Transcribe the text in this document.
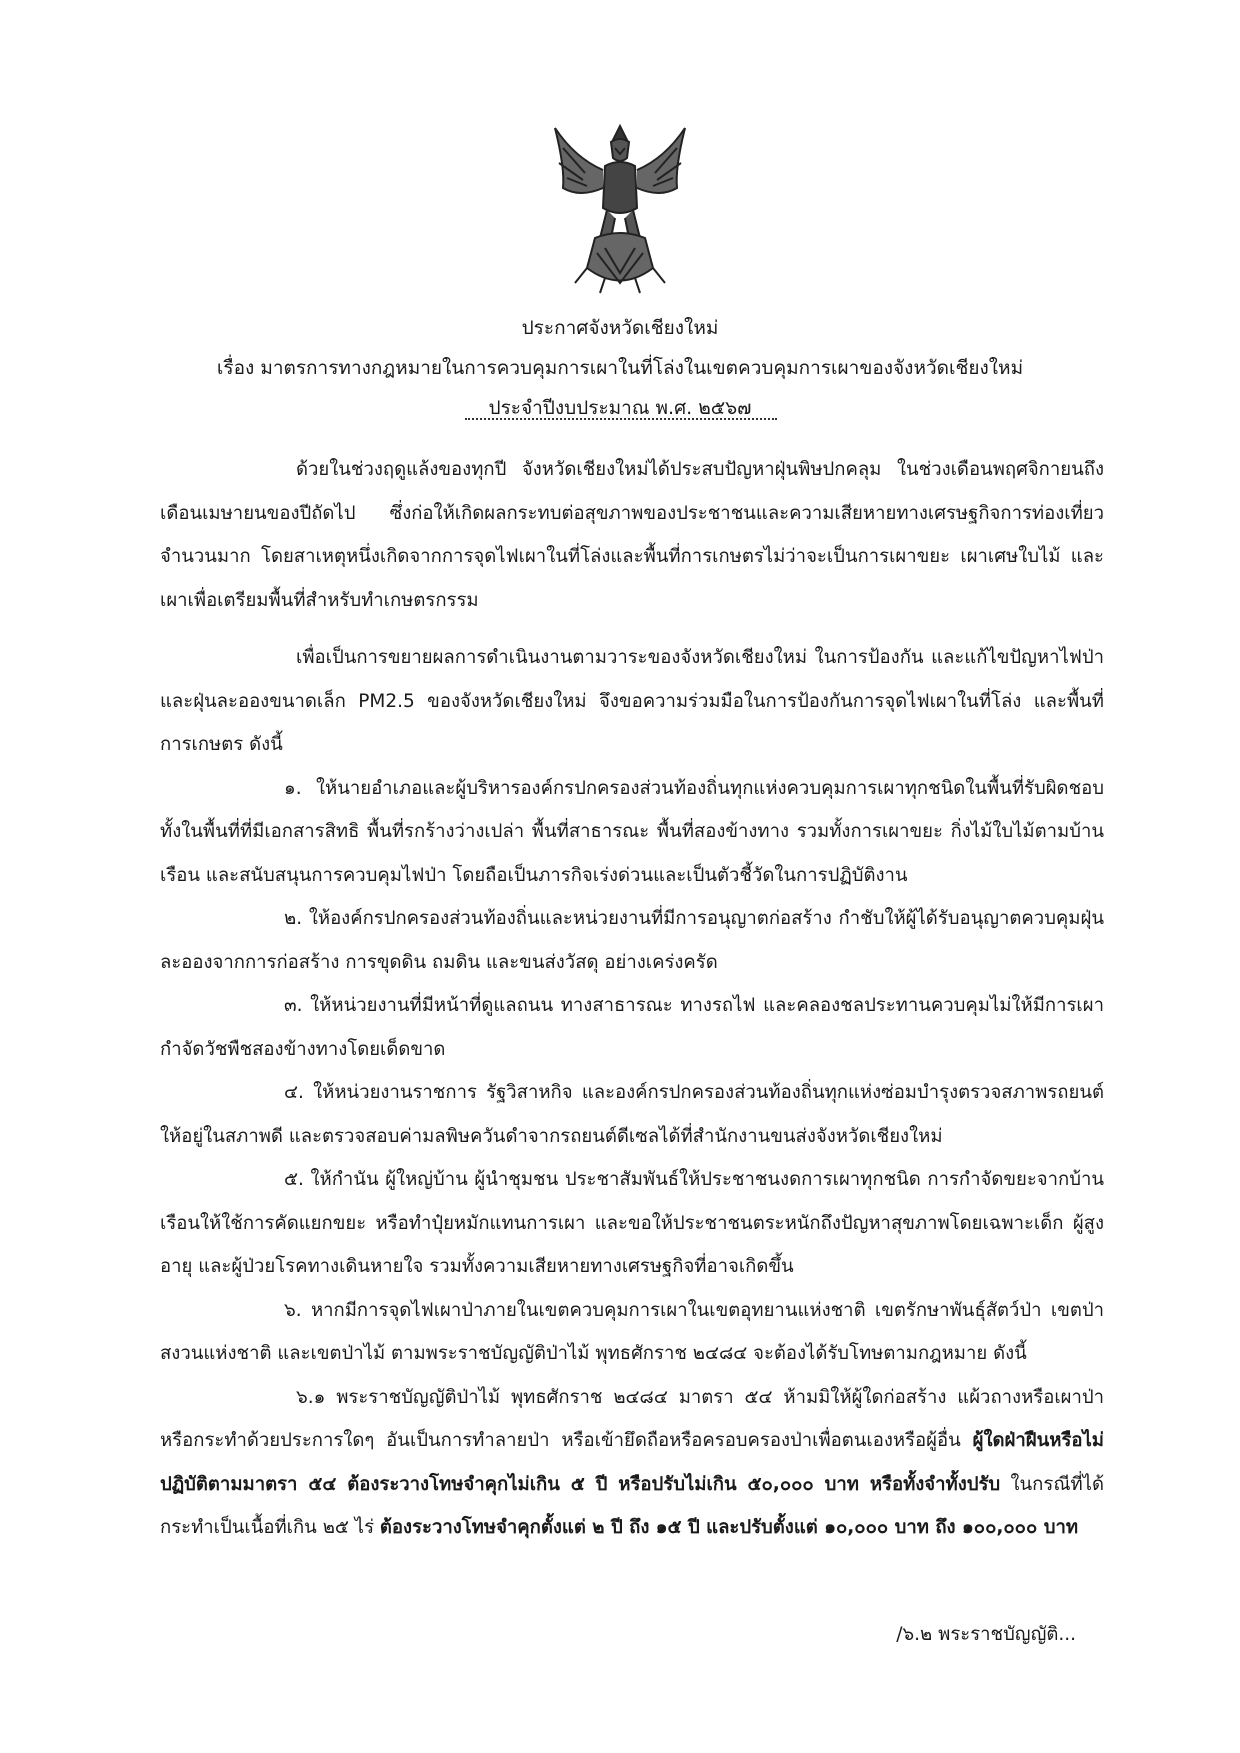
ประกาศจังหวัดเชียงใหม่
เรื่อง มาตรการทางกฎหมายในการควบคุมการเผาในที่โล่งในเขตควบคุมการเผาของจังหวัดเชียงใหม่
ประจำปีงบประมาณ พ.ศ. ๒๕๖๗

ด้วยในช่วงฤดูแล้งของทุกปี จังหวัดเชียงใหม่ได้ประสบปัญหาฝุ่นพิษปกคลุม ในช่วงเดือนพฤศจิกายนถึงเดือนเมษายนของปีถัดไป ซึ่งก่อให้เกิดผลกระทบต่อสุขภาพของประชาชนและความเสียหายทางเศรษฐกิจการท่องเที่ยวจำนวนมาก โดยสาเหตุหนึ่งเกิดจากการจุดไฟเผาในที่โล่งและพื้นที่การเกษตรไม่ว่าจะเป็นการเผาขยะ เผาเศษใบไม้ และเผาเพื่อเตรียมพื้นที่สำหรับทำเกษตรกรรม

เพื่อเป็นการขยายผลการดำเนินงานตามวาระของจังหวัดเชียงใหม่ ในการป้องกัน และแก้ไขปัญหาไฟป่าและฝุ่นละอองขนาดเล็ก PM2.5 ของจังหวัดเชียงใหม่ จึงขอความร่วมมือในการป้องกันการจุดไฟเผาในที่โล่ง และพื้นที่การเกษตร ดังนี้

๑. ให้นายอำเภอและผู้บริหารองค์กรปกครองส่วนท้องถิ่นทุกแห่งควบคุมการเผาทุกชนิดในพื้นที่รับผิดชอบ ทั้งในพื้นที่ที่มีเอกสารสิทธิ พื้นที่รกร้างว่างเปล่า พื้นที่สาธารณะ พื้นที่สองข้างทาง รวมทั้งการเผาขยะ กิ่งไม้ใบไม้ตามบ้านเรือน และสนับสนุนการควบคุมไฟป่า โดยถือเป็นภารกิจเร่งด่วนและเป็นตัวชี้วัดในการปฏิบัติงาน

๒. ให้องค์กรปกครองส่วนท้องถิ่นและหน่วยงานที่มีการอนุญาตก่อสร้าง กำชับให้ผู้ได้รับอนุญาตควบคุมฝุ่นละอองจากการก่อสร้าง การขุดดิน ถมดิน และขนส่งวัสดุ อย่างเคร่งครัด

๓. ให้หน่วยงานที่มีหน้าที่ดูแลถนน ทางสาธารณะ ทางรถไฟ และคลองชลประทานควบคุมไม่ให้มีการเผากำจัดวัชพืชสองข้างทางโดยเด็ดขาด

๔. ให้หน่วยงานราชการ รัฐวิสาหกิจ และองค์กรปกครองส่วนท้องถิ่นทุกแห่งซ่อมบำรุงตรวจสภาพรถยนต์ให้อยู่ในสภาพดี และตรวจสอบค่ามลพิษควันดำจากรถยนต์ดีเซลได้ที่สำนักงานขนส่งจังหวัดเชียงใหม่

๕. ให้กำนัน ผู้ใหญ่บ้าน ผู้นำชุมชน ประชาสัมพันธ์ให้ประชาชนงดการเผาทุกชนิด การกำจัดขยะจากบ้านเรือนให้ใช้การคัดแยกขยะ หรือทำปุ๋ยหมักแทนการเผา และขอให้ประชาชนตระหนักถึงปัญหาสุขภาพโดยเฉพาะเด็ก ผู้สูงอายุ และผู้ป่วยโรคทางเดินหายใจ รวมทั้งความเสียหายทางเศรษฐกิจที่อาจเกิดขึ้น

๖. หากมีการจุดไฟเผาป่าภายในเขตควบคุมการเผาในเขตอุทยานแห่งชาติ เขตรักษาพันธุ์สัตว์ป่า เขตป่าสงวนแห่งชาติ และเขตป่าไม้ ตามพระราชบัญญัติป่าไม้ พุทธศักราช ๒๔๘๔ จะต้องได้รับโทษตามกฎหมาย ดังนี้

๖.๑ พระราชบัญญัติป่าไม้ พุทธศักราช ๒๔๘๔ มาตรา ๕๔ ห้ามมิให้ผู้ใดก่อสร้าง แผ้วถางหรือเผาป่า หรือกระทำด้วยประการใดๆ อันเป็นการทำลายป่า หรือเข้ายึดถือหรือครอบครองป่าเพื่อตนเองหรือผู้อื่น ผู้ใดฝ่าฝืนหรือไม่ปฏิบัติตามมาตรา ๕๔ ต้องระวางโทษจำคุกไม่เกิน ๕ ปี หรือปรับไม่เกิน ๕๐,๐๐๐ บาท หรือทั้งจำทั้งปรับ ในกรณีที่ได้กระทำเป็นเนื้อที่เกิน ๒๕ ไร่ ต้องระวางโทษจำคุกตั้งแต่ ๒ ปี ถึง ๑๕ ปี และปรับตั้งแต่ ๑๐,๐๐๐ บาท ถึง ๑๐๐,๐๐๐ บาท

/๖.๒ พระราชบัญญัติ...
